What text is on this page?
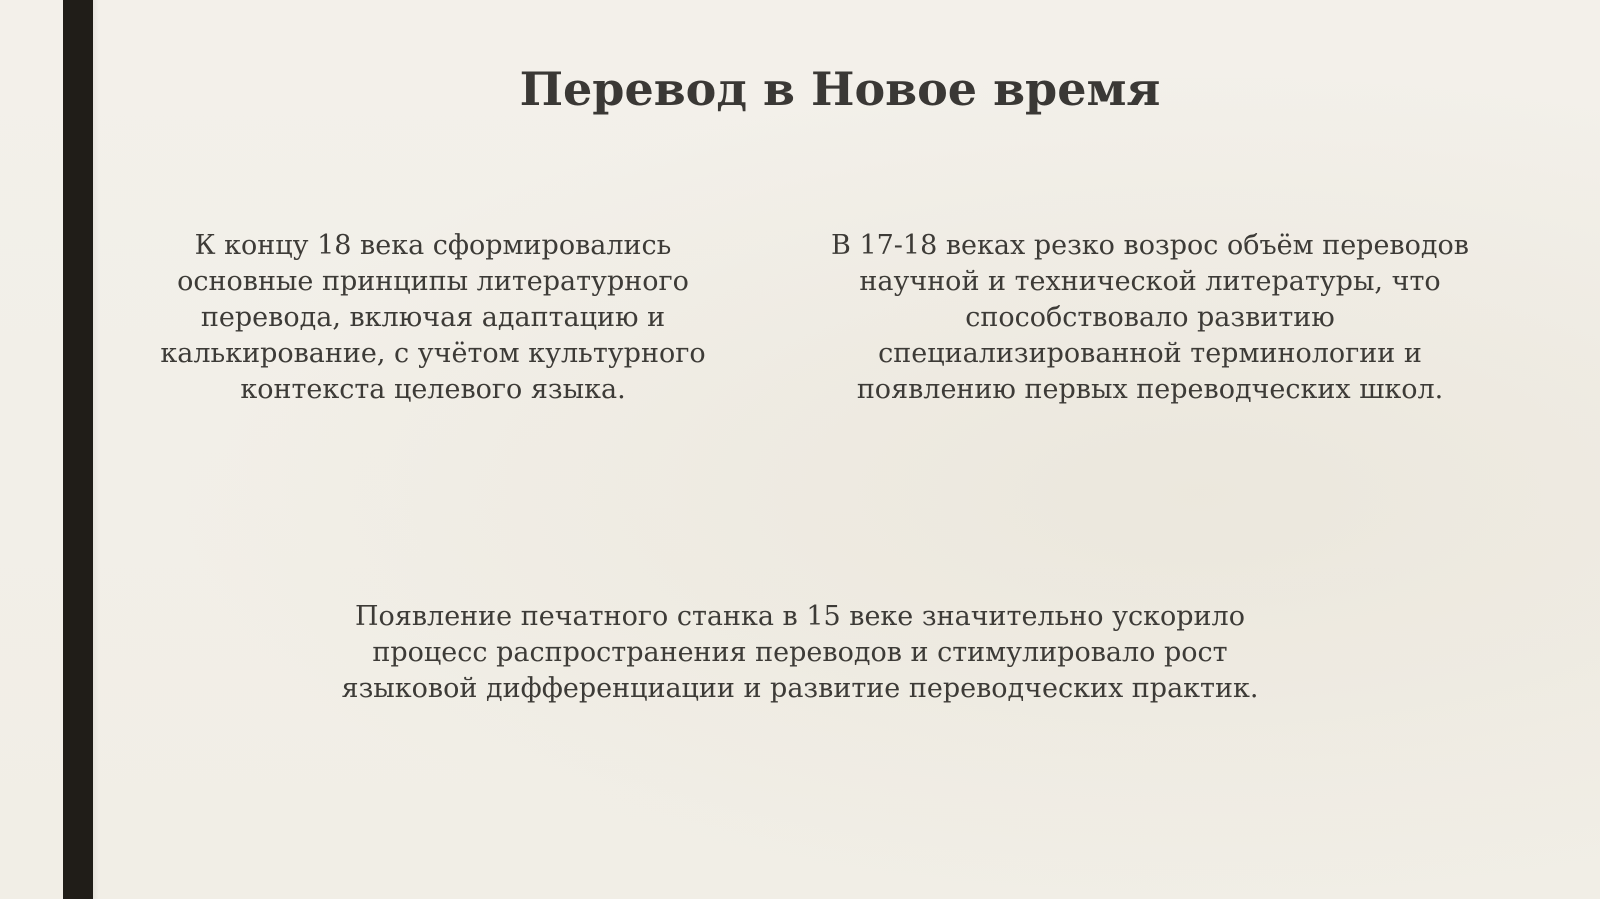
Перевод в Новое время

К концу 18 века сформировались
основные принципы литературного
перевода, включая адаптацию и
калькирование, с учётом культурного
контекста целевого языка.

В 17-18 веках резко возрос объём переводов
научной и технической литературы, что
способствовало развитию
специализированной терминологии и
появлению первых переводческих школ.

Появление печатного станка в 15 веке значительно ускорило
процесс распространения переводов и стимулировало рост
языковой дифференциации и развитие переводческих практик.
